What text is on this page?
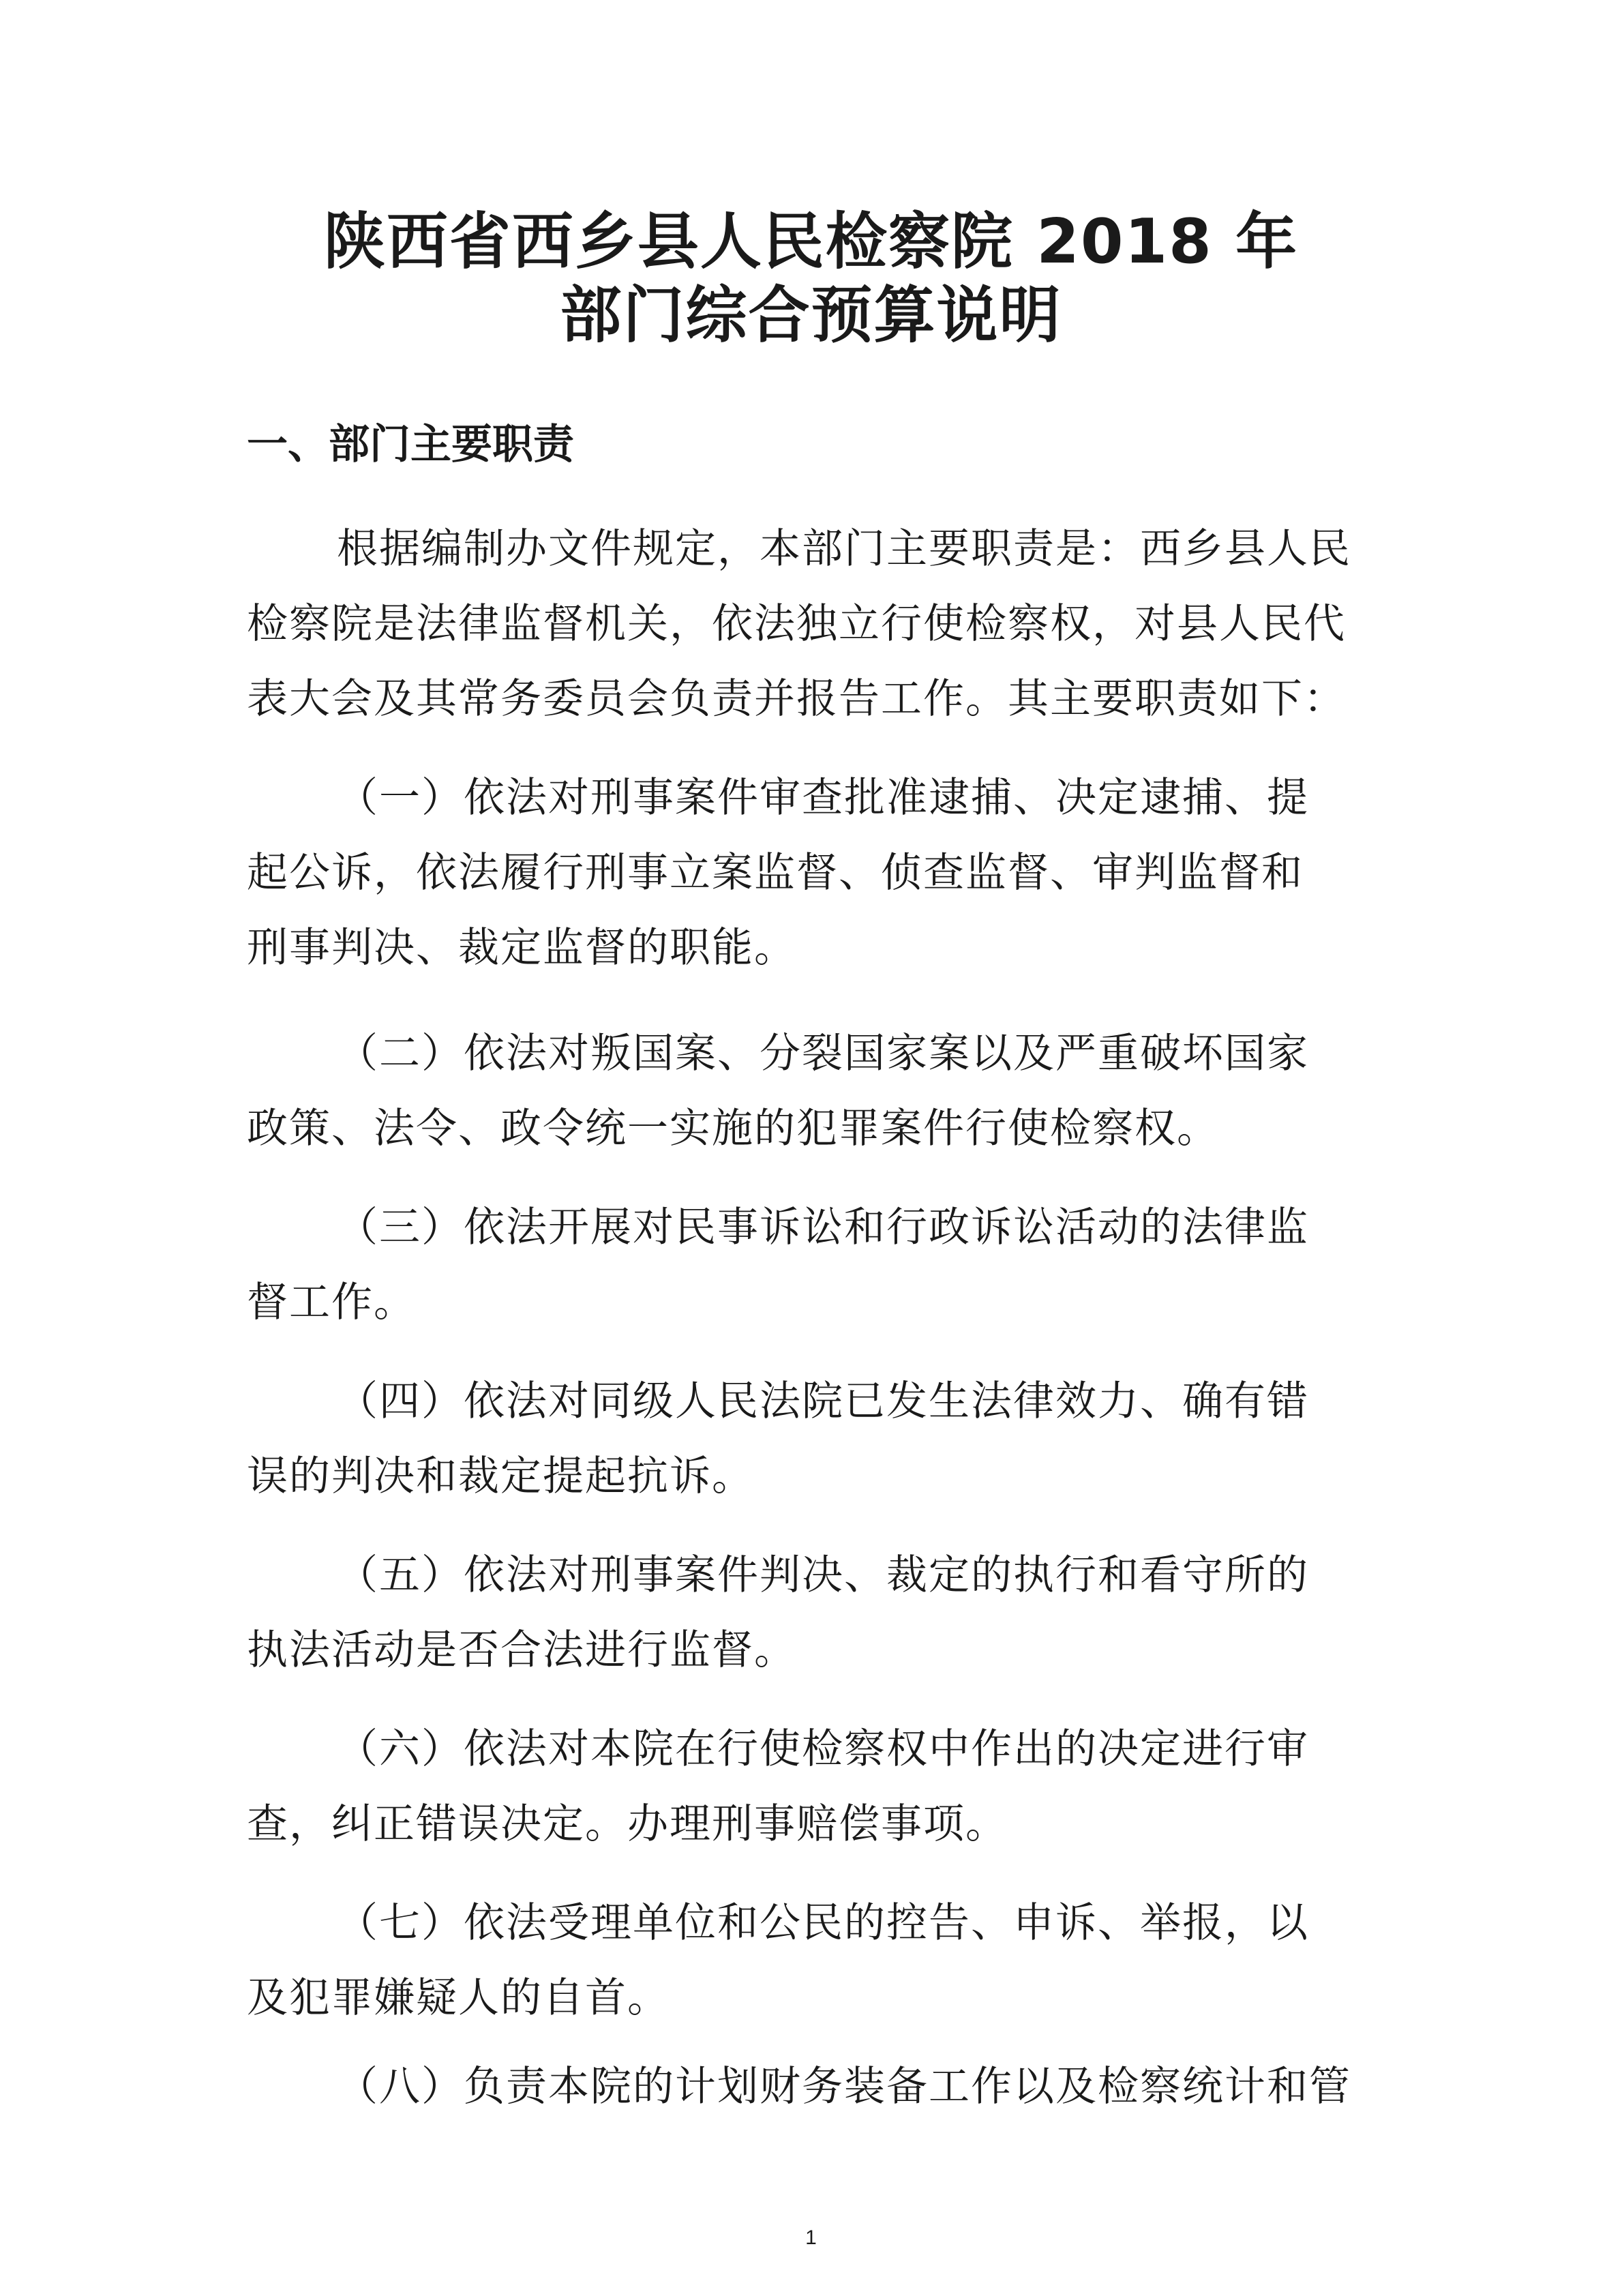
陕西省西乡县人民检察院 2018 年
部门综合预算说明
一、部门主要职责
根据编制办文件规定，本部门主要职责是：西乡县人民
检察院是法律监督机关，依法独立行使检察权，对县人民代
表大会及其常务委员会负责并报告工作。其主要职责如下：
（一）依法对刑事案件审查批准逮捕、决定逮捕、提
起公诉，依法履行刑事立案监督、侦查监督、审判监督和
刑事判决、裁定监督的职能。
（二）依法对叛国案、分裂国家案以及严重破坏国家
政策、法令、政令统一实施的犯罪案件行使检察权。
（三）依法开展对民事诉讼和行政诉讼活动的法律监
督工作。
（四）依法对同级人民法院已发生法律效力、确有错
误的判决和裁定提起抗诉。
（五）依法对刑事案件判决、裁定的执行和看守所的
执法活动是否合法进行监督。
（六）依法对本院在行使检察权中作出的决定进行审
查，纠正错误决定。办理刑事赔偿事项。
（七）依法受理单位和公民的控告、申诉、举报，以
及犯罪嫌疑人的自首。
（八）负责本院的计划财务装备工作以及检察统计和管
1
